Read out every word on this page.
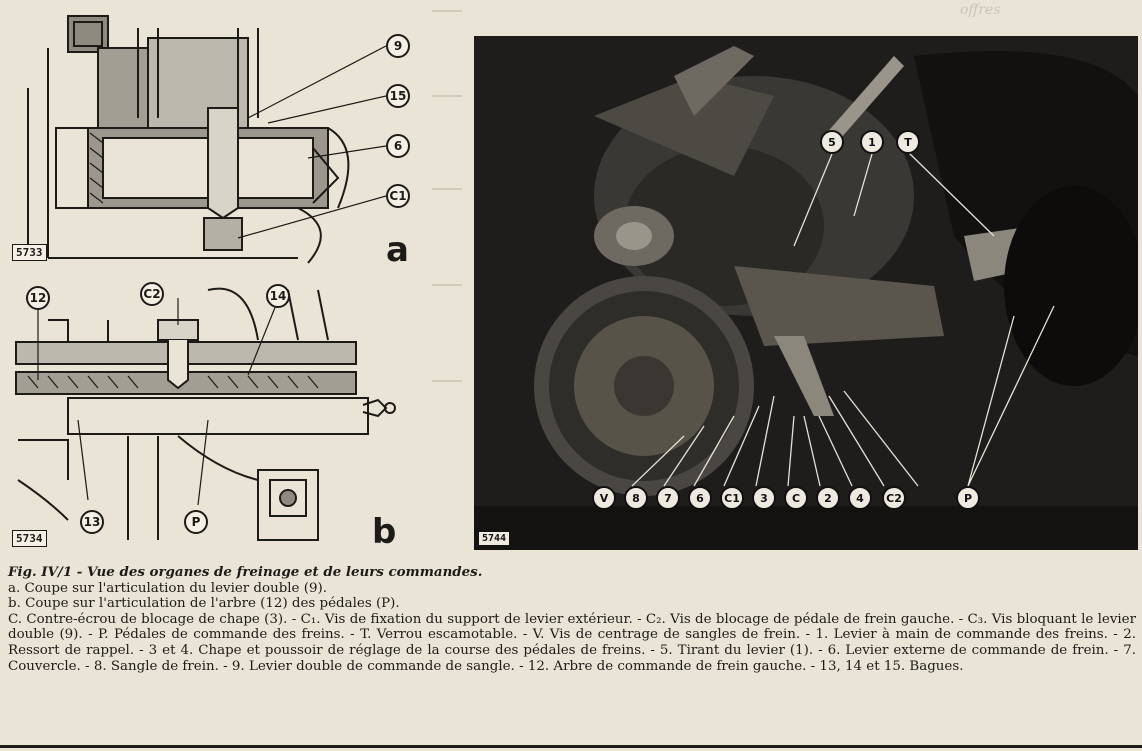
offres
9
15
6
C1
5733	a
12	C2	14
13	P
5734	b
5	1	T
V	8	7	6	C1	3	C	2	4	C2	P
5744
Fig. IV/1 - Vue des organes de freinage et de leurs commandes.
a. Coupe sur l'articulation du levier double (9).
b. Coupe sur l'articulation de l'arbre (12) des pédales (P).
C. Contre-écrou de blocage de chape (3). - C₁. Vis de fixation du support de levier extérieur. - C₂. Vis de blocage de pédale de frein gauche. - C₃. Vis bloquant le levier double (9). - P. Pédales de commande des freins. - T. Verrou escamotable. - V. Vis de centrage de sangles de frein. - 1. Levier à main de commande des freins. - 2. Ressort de rappel. - 3 et 4. Chape et poussoir de réglage de la course des pédales de freins. - 5. Tirant du levier (1). - 6. Levier externe de commande de frein. - 7. Couvercle. - 8. Sangle de frein. - 9. Levier double de commande de sangle. - 12. Arbre de commande de frein gauche. - 13, 14 et 15. Bagues.
